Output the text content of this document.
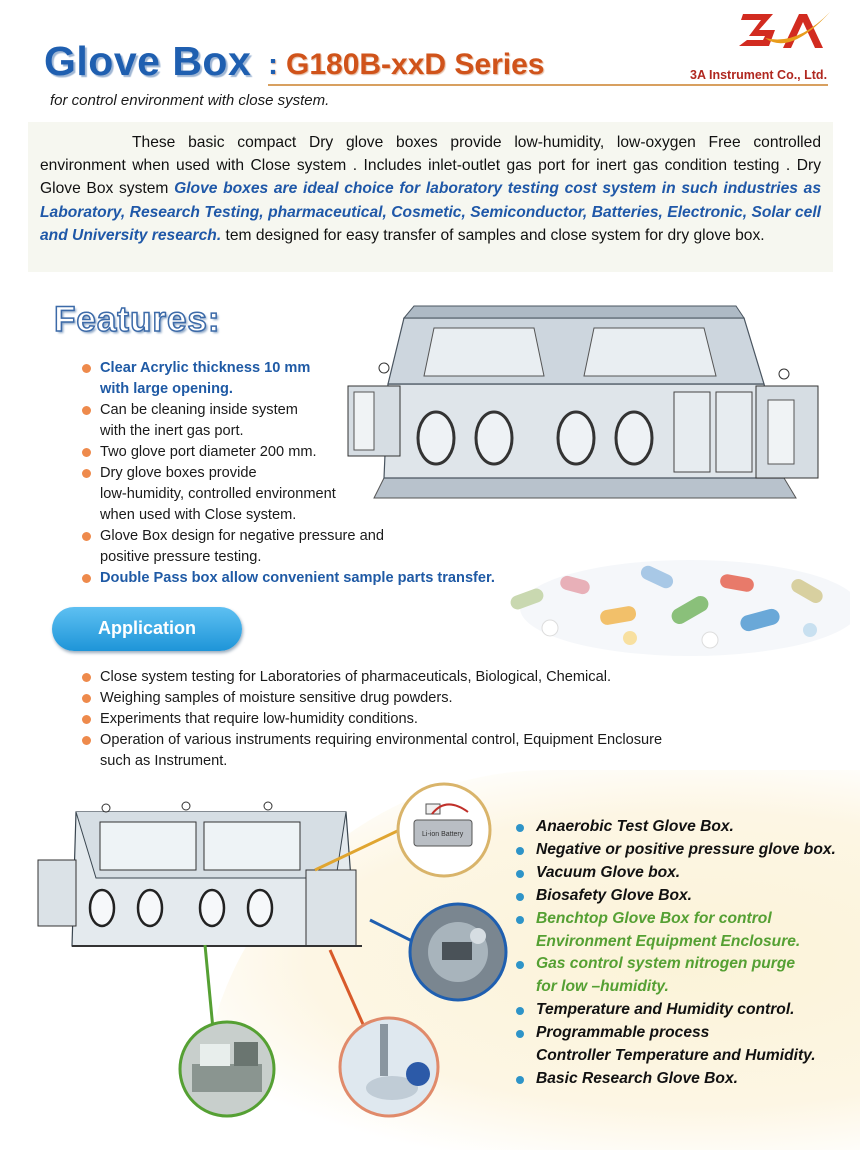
Glove Box : G180B-xxD Series
for control environment with close system.
3A Instrument Co., Ltd.
These basic compact Dry glove boxes provide low-humidity, low-oxygen Free controlled environment when used with Close system . Includes inlet-outlet gas port for inert gas condition testing . Dry Glove Box system Glove boxes are ideal choice for laboratory testing cost system in such industries as Laboratory, Research Testing, pharmaceutical, Cosmetic, Semiconductor, Batteries, Electronic, Solar cell and University research. tem designed for easy transfer of samples and close system for dry glove box.
Features:
Clear Acrylic thickness 10 mm
with large opening.
Can be cleaning inside system
with the inert gas port.
Two glove port diameter 200 mm.
Dry glove boxes provide
low-humidity, controlled environment
when used with Close system.
Glove Box design for negative pressure and
positive pressure testing.
Double Pass box allow convenient sample parts transfer.
Application
Close system testing for Laboratories of pharmaceuticals, Biological, Chemical.
Weighing samples of moisture sensitive drug powders.
Experiments that require low-humidity conditions.
Operation of various instruments requiring environmental control, Equipment Enclosure
such as Instrument.
Li-ion Battery	Anaerobic Test Glove Box.
Negative or positive pressure glove box.
Vacuum Glove box.
Biosafety Glove Box.
Benchtop Glove Box for control
Environment Equipment Enclosure.
Gas control system nitrogen purge
for low –humidity.
Temperature and Humidity control.
Programmable process
Controller Temperature and Humidity.
Basic Research Glove Box.
